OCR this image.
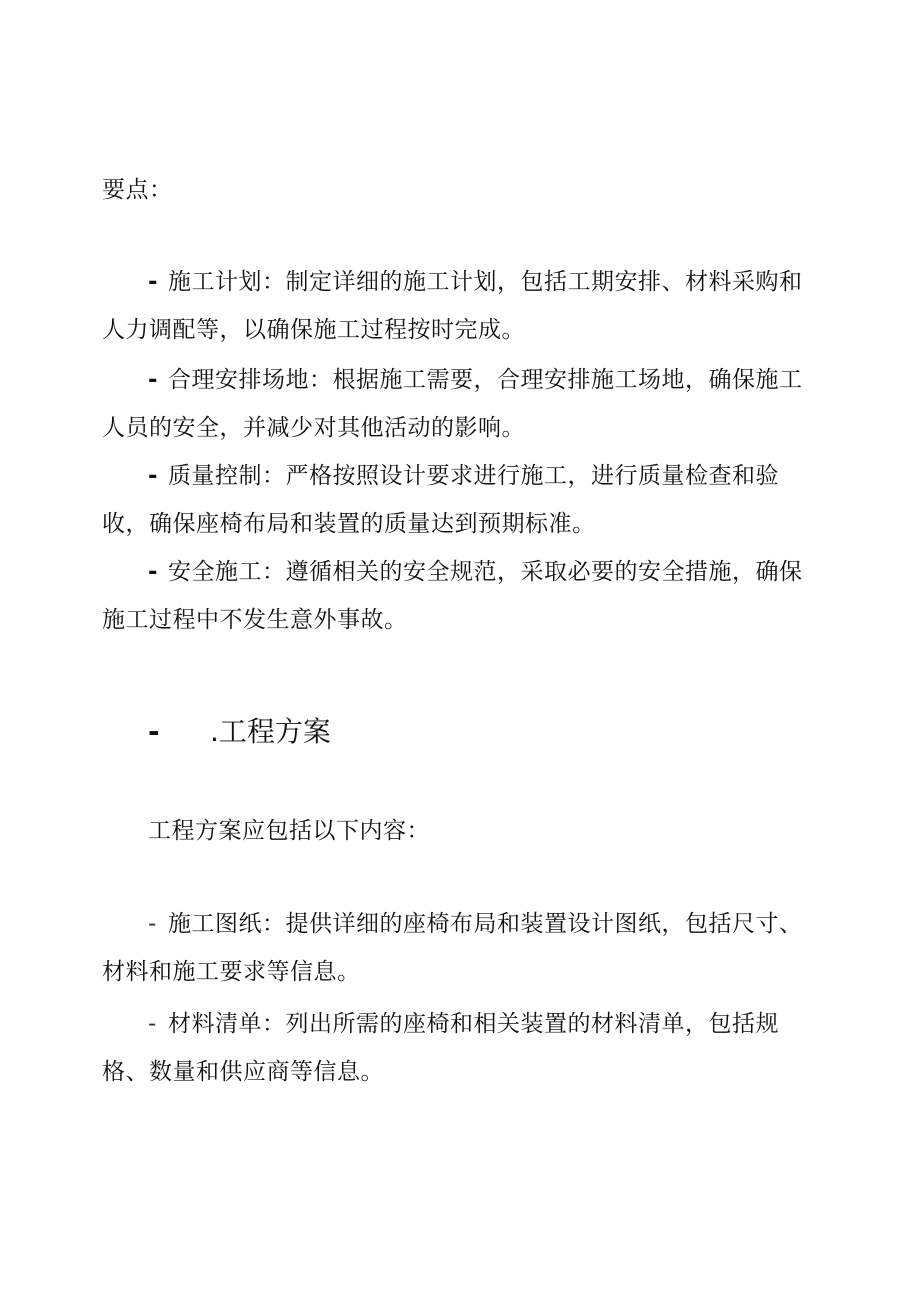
要点：
- 施工计划：制定详细的施工计划，包括工期安排、材料采购和
人力调配等，以确保施工过程按时完成。
- 合理安排场地：根据施工需要，合理安排施工场地，确保施工
人员的安全，并减少对其他活动的影响。
- 质量控制：严格按照设计要求进行施工，进行质量检查和验
收，确保座椅布局和装置的质量达到预期标准。
- 安全施工：遵循相关的安全规范，采取必要的安全措施，确保
施工过程中不发生意外事故。
- .工程方案
工程方案应包括以下内容：
- 施工图纸：提供详细的座椅布局和装置设计图纸，包括尺寸、
材料和施工要求等信息。
- 材料清单：列出所需的座椅和相关装置的材料清单，包括规
格、数量和供应商等信息。
